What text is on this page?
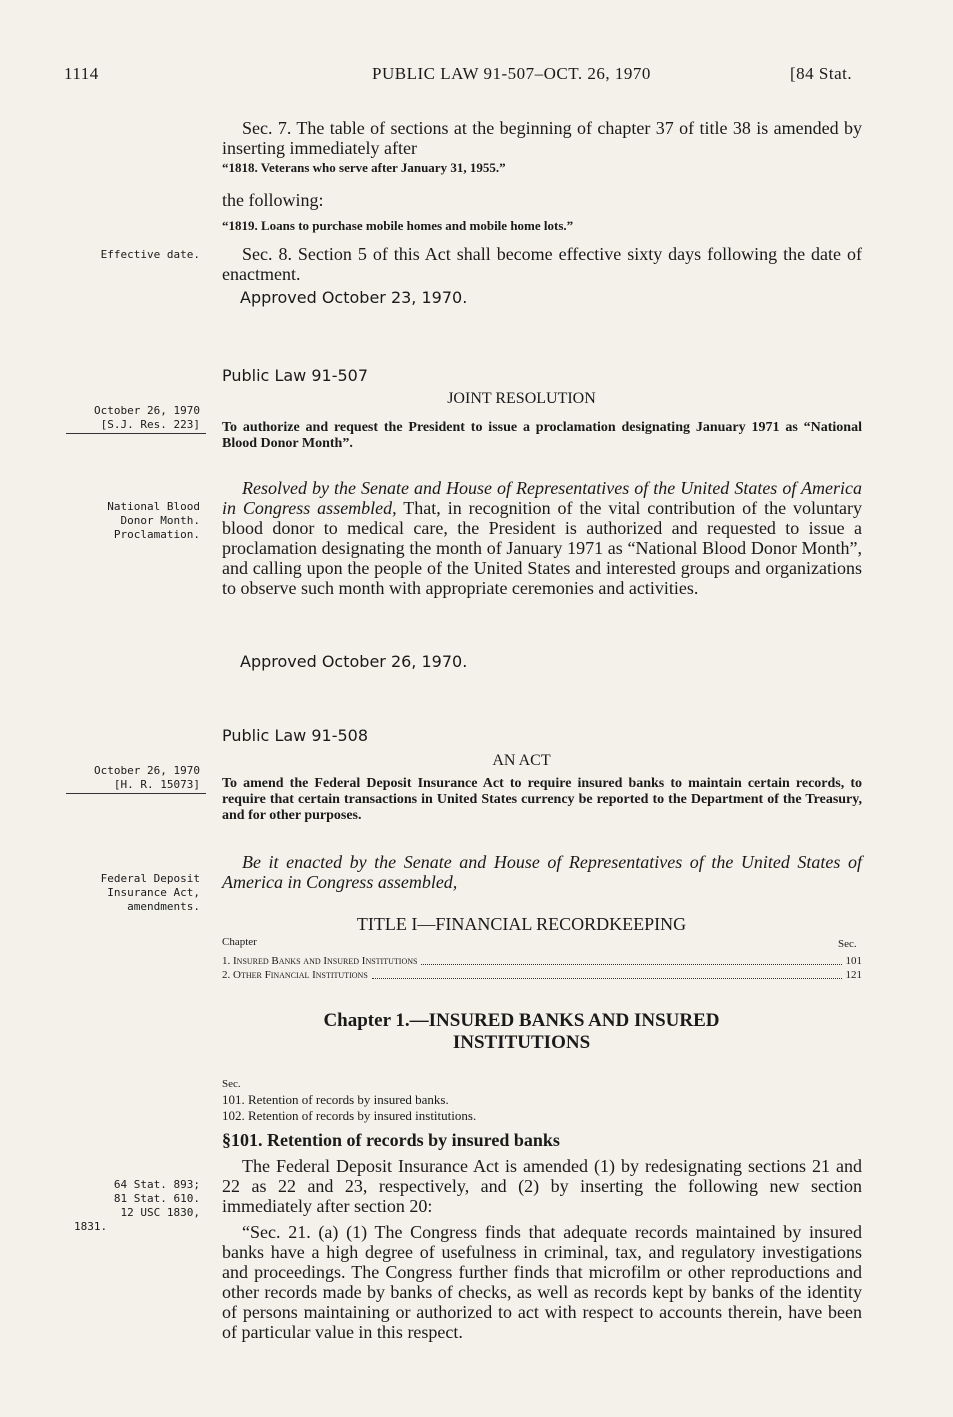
1114	PUBLIC LAW 91-507–OCT. 26, 1970	[84 Stat.
Sec. 7. The table of sections at the beginning of chapter 37 of title 38 is amended by inserting immediately after
“1818. Veterans who serve after January 31, 1955.”
the following:
“1819. Loans to purchase mobile homes and mobile home lots.”
Effective date.	Sec. 8. Section 5 of this Act shall become effective sixty days following the date of enactment.
Approved October 23, 1970.
Public Law 91-507
JOINT RESOLUTION
October 26, 1970
[S.J. Res. 223] To authorize and request the President to issue a proclamation designating January 1971 as “National Blood Donor Month”.
National Blood
Donor Month.
Proclamation.
Resolved by the Senate and House of Representatives of the United States of America in Congress assembled, That, in recognition of the vital contribution of the voluntary blood donor to medical care, the President is authorized and requested to issue a proclamation designating the month of January 1971 as “National Blood Donor Month”, and calling upon the people of the United States and interested groups and organizations to observe such month with appropriate ceremonies and activities.
Approved October 26, 1970.
Public Law 91-508
AN ACT
October 26, 1970
[H. R. 15073] To amend the Federal Deposit Insurance Act to require insured banks to maintain certain records, to require that certain transactions in United States currency be reported to the Department of the Treasury, and for other purposes.
Federal Deposit
Insurance Act,
amendments.
Be it enacted by the Senate and House of Representatives of the United States of America in Congress assembled,
TITLE I—FINANCIAL RECORDKEEPING
Chapter	Sec.
1. Insured Banks and Insured Institutions	101
2. Other Financial Institutions	121
Chapter 1.—INSURED BANKS AND INSURED
INSTITUTIONS
Sec.
101. Retention of records by insured banks.
102. Retention of records by insured institutions.
§101. Retention of records by insured banks
64 Stat. 893;
81 Stat. 610.
12 USC 1830,
1831.
The Federal Deposit Insurance Act is amended (1) by redesignating sections 21 and 22 as 22 and 23, respectively, and (2) by inserting the following new section immediately after section 20:
“Sec. 21. (a) (1) The Congress finds that adequate records maintained by insured banks have a high degree of usefulness in criminal, tax, and regulatory investigations and proceedings. The Congress further finds that microfilm or other reproductions and other records made by banks of checks, as well as records kept by banks of the identity of persons maintaining or authorized to act with respect to accounts therein, have been of particular value in this respect.
